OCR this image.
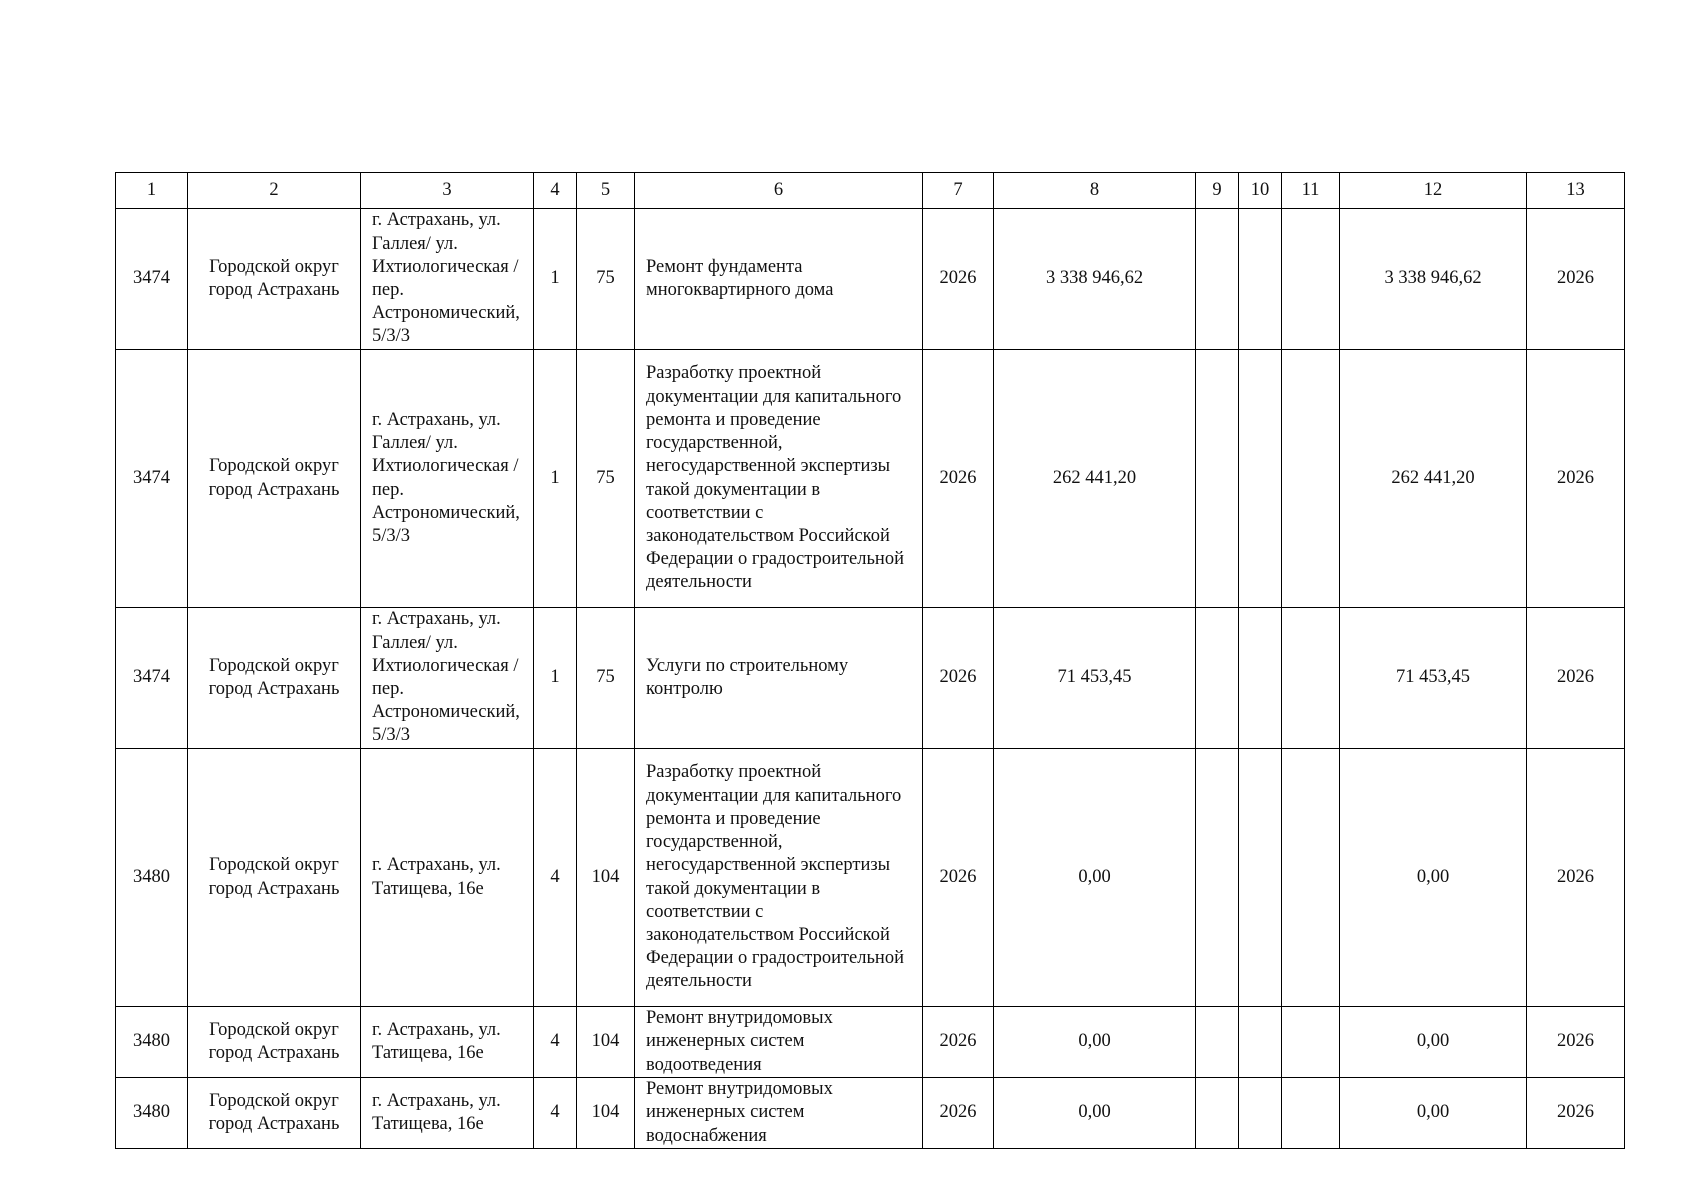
1	2	3	4	5	6	7	8	9	10	11	12	13
3474	Городской округ город Астрахань	г. Астрахань, ул. Галлея/ ул. Ихтиологическая / пер. Астрономический, 5/3/3	1	75	Ремонт фундамента многоквартирного дома	2026	3 338 946,62				3 338 946,62	2026
3474	Городской округ город Астрахань	г. Астрахань, ул. Галлея/ ул. Ихтиологическая / пер. Астрономический, 5/3/3	1	75	Разработку проектной документации для капитального ремонта и проведение государственной, негосударственной экспертизы такой документации в соответствии с законодательством Российской Федерации о градостроительной деятельности	2026	262 441,20				262 441,20	2026
3474	Городской округ город Астрахань	г. Астрахань, ул. Галлея/ ул. Ихтиологическая / пер. Астрономический, 5/3/3	1	75	Услуги по строительному контролю	2026	71 453,45				71 453,45	2026
3480	Городской округ город Астрахань	г. Астрахань, ул. Татищева, 16е	4	104	Разработку проектной документации для капитального ремонта и проведение государственной, негосударственной экспертизы такой документации в соответствии с законодательством Российской Федерации о градостроительной деятельности	2026	0,00				0,00	2026
3480	Городской округ город Астрахань	г. Астрахань, ул. Татищева, 16е	4	104	Ремонт внутридомовых инженерных систем водоотведения	2026	0,00				0,00	2026
3480	Городской округ город Астрахань	г. Астрахань, ул. Татищева, 16е	4	104	Ремонт внутридомовых инженерных систем водоснабжения	2026	0,00				0,00	2026
